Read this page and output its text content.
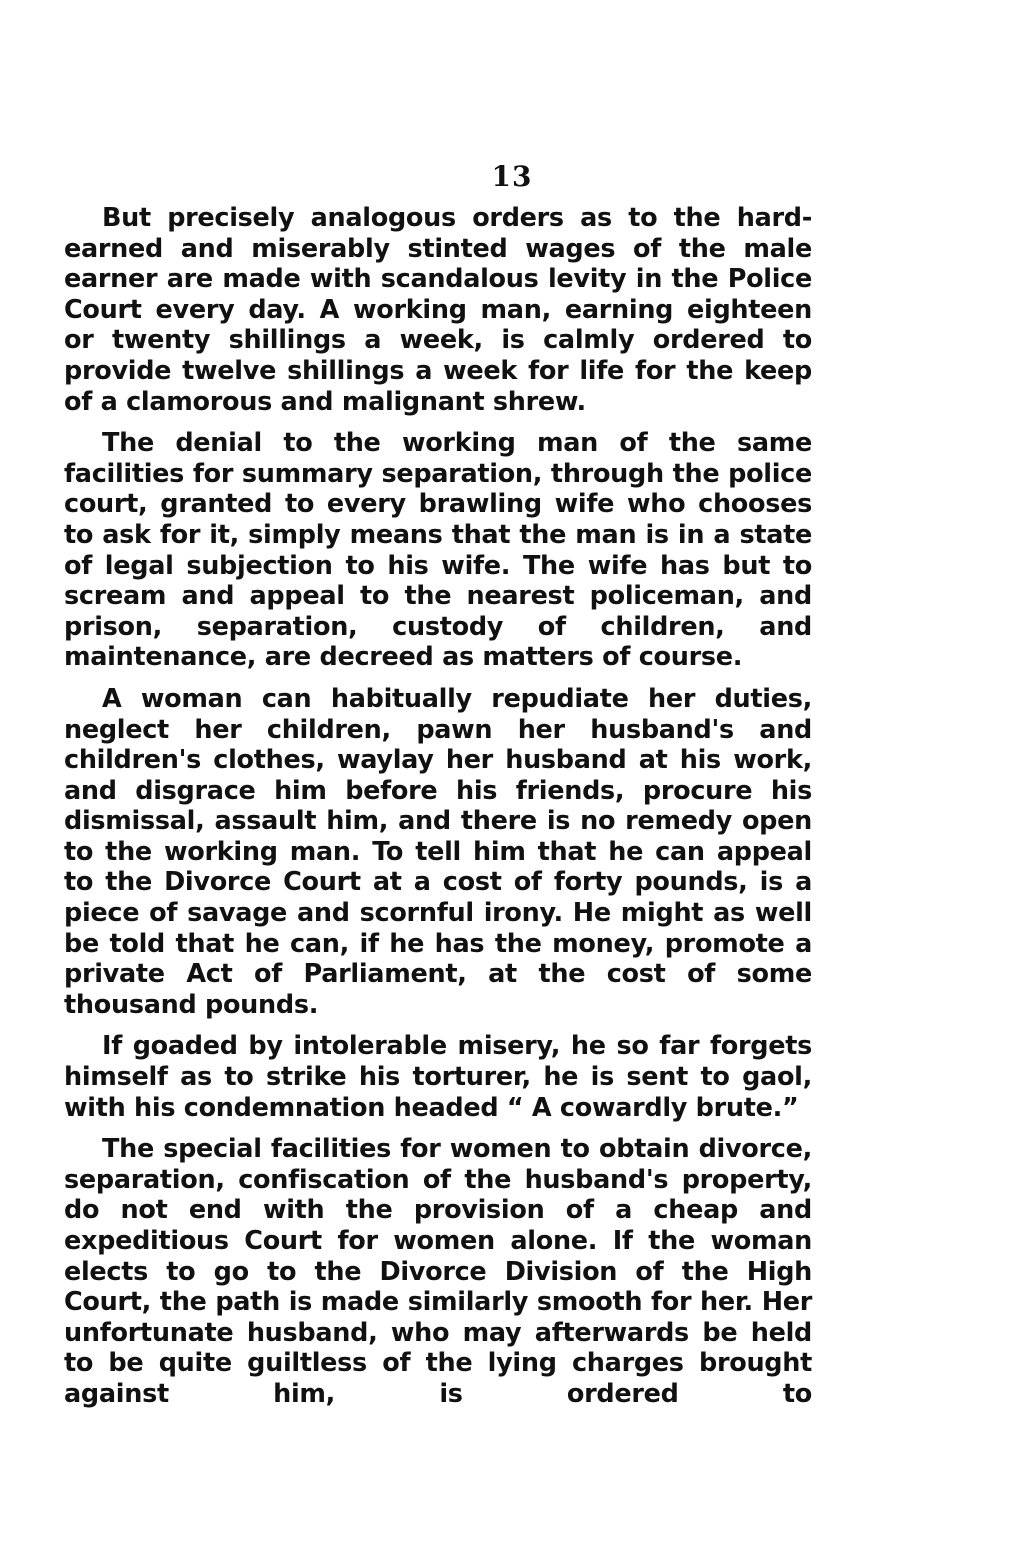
13

But precisely analogous orders as to the hard-earned and miserably stinted wages of the male earner are made with scandalous levity in the Police Court every day. A working man, earning eighteen or twenty shillings a week, is calmly ordered to provide twelve shillings a week for life for the keep of a clamorous and malignant shrew.

The denial to the working man of the same facilities for summary separation, through the police court, granted to every brawling wife who chooses to ask for it, simply means that the man is in a state of legal subjection to his wife. The wife has but to scream and appeal to the nearest policeman, and prison, separation, custody of children, and maintenance, are decreed as matters of course.

A woman can habitually repudiate her duties, neglect her children, pawn her husband's and children's clothes, waylay her husband at his work, and disgrace him before his friends, procure his dismissal, assault him, and there is no remedy open to the working man. To tell him that he can appeal to the Divorce Court at a cost of forty pounds, is a piece of savage and scornful irony. He might as well be told that he can, if he has the money, promote a private Act of Parliament, at the cost of some thousand pounds.

If goaded by intolerable misery, he so far forgets himself as to strike his torturer, he is sent to gaol, with his condemnation headed “ A cowardly brute.”

The special facilities for women to obtain divorce, separation, confiscation of the husband's property, do not end with the provision of a cheap and expeditious Court for women alone. If the woman elects to go to the Divorce Division of the High Court, the path is made similarly smooth for her. Her unfortunate husband, who may afterwards be held to be quite guiltless of the lying charges brought against him, is ordered to
